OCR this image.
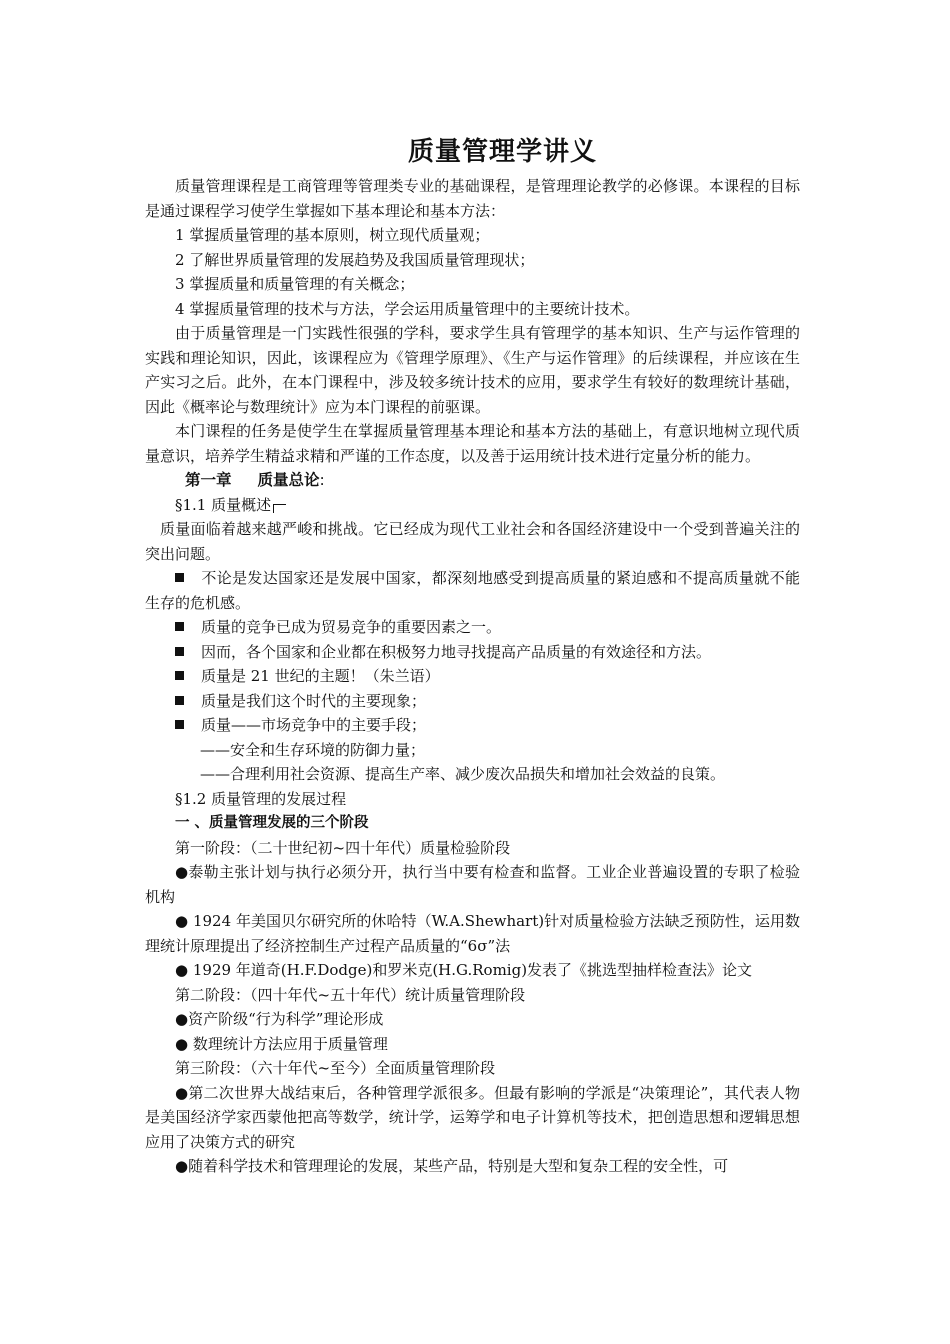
质量管理学讲义

质量管理课程是工商管理等管理类专业的基础课程，是管理理论教学的必修课。本课程的目标是通过课程学习使学生掌握如下基本理论和基本方法：

1 掌握质量管理的基本原则，树立现代质量观；

2 了解世界质量管理的发展趋势及我国质量管理现状；

3 掌握质量和质量管理的有关概念；

4 掌握质量管理的技术与方法，学会运用质量管理中的主要统计技术。

由于质量管理是一门实践性很强的学科，要求学生具有管理学的基本知识、生产与运作管理的实践和理论知识，因此，该课程应为《管理学原理》、《生产与运作管理》的后续课程，并应该在生产实习之后。此外，在本门课程中，涉及较多统计技术的应用，要求学生有较好的数理统计基础，因此《概率论与数理统计》应为本门课程的前驱课。

本门课程的任务是使学生在掌握质量管理基本理论和基本方法的基础上，有意识地树立现代质量意识，培养学生精益求精和严谨的工作态度，以及善于运用统计技术进行定量分析的能力。

第一章 质量总论:

§1.1 质量概述

质量面临着越来越严峻和挑战。它已经成为现代工业社会和各国经济建设中一个受到普遍关注的突出问题。

不论是发达国家还是发展中国家，都深刻地感受到提高质量的紧迫感和不提高质量就不能生存的危机感。

质量的竞争已成为贸易竞争的重要因素之一。

因而，各个国家和企业都在积极努力地寻找提高产品质量的有效途径和方法。

质量是 21 世纪的主题！（朱兰语）

质量是我们这个时代的主要现象；

质量——市场竞争中的主要手段；

——安全和生存环境的防御力量；

——合理利用社会资源、提高生产率、减少废次品损失和增加社会效益的良策。

§1.2 质量管理的发展过程

一 、质量管理发展的三个阶段

第一阶段：（二十世纪初~四十年代）质量检验阶段

●泰勒主张计划与执行必须分开，执行当中要有检查和监督。工业企业普遍设置的专职了检验机构

● 1924 年美国贝尔研究所的休哈特（W.A.Shewhart)针对质量检验方法缺乏预防性，运用数理统计原理提出了经济控制生产过程产品质量的“6σ”法

● 1929 年道奇(H.F.Dodge)和罗米克(H.G.Romig)发表了《挑选型抽样检查法》论文

第二阶段：（四十年代~五十年代）统计质量管理阶段

●资产阶级“行为科学”理论形成

● 数理统计方法应用于质量管理

第三阶段：（六十年代~至今）全面质量管理阶段

●第二次世界大战结束后，各种管理学派很多。但最有影响的学派是“决策理论”，其代表人物是美国经济学家西蒙他把高等数学，统计学，运筹学和电子计算机等技术，把创造思想和逻辑思想应用了决策方式的研究

●随着科学技术和管理理论的发展，某些产品，特别是大型和复杂工程的安全性，可
